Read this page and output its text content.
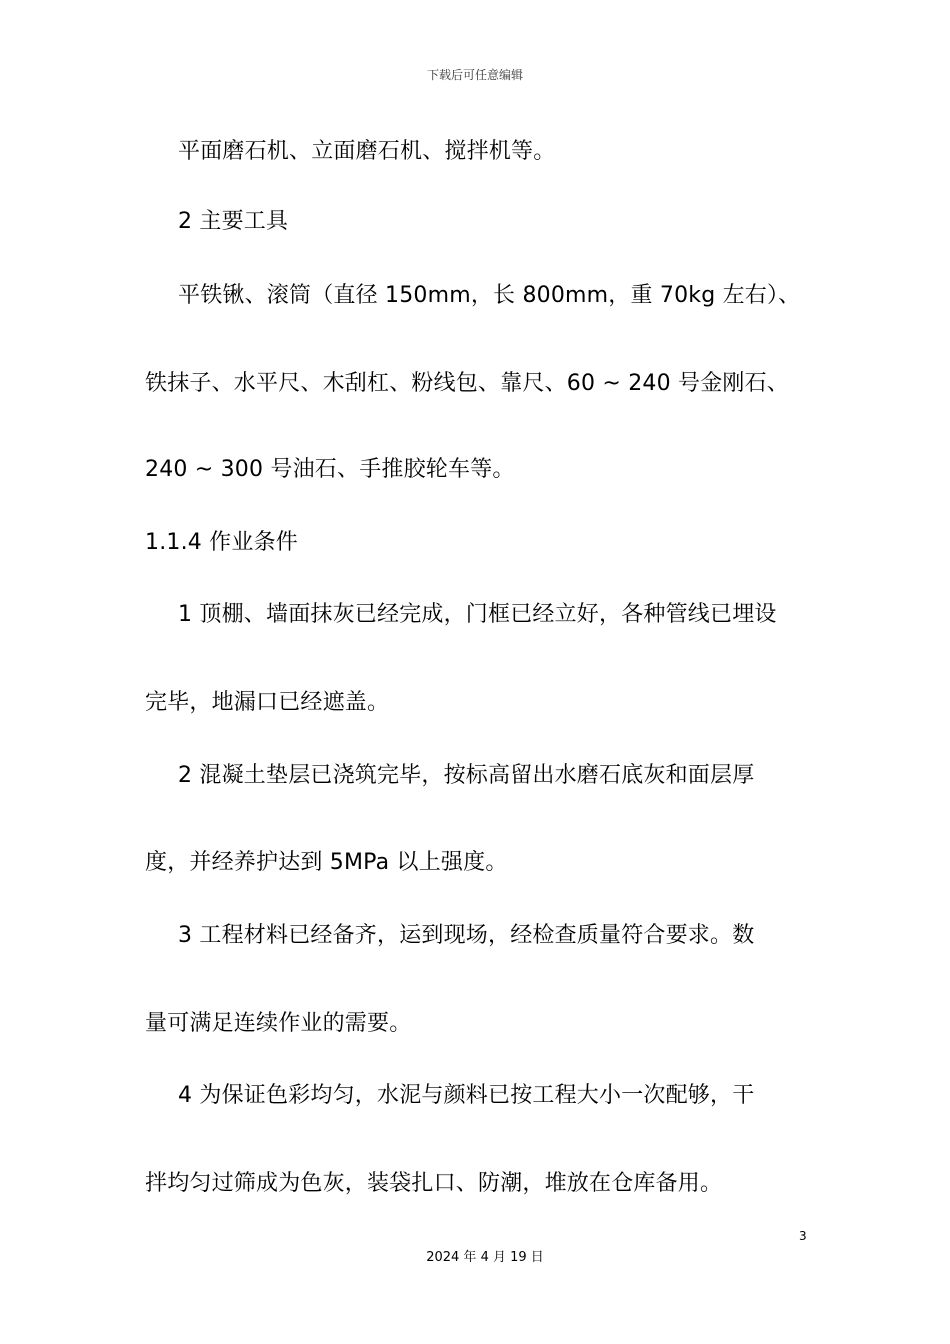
下载后可任意编辑
平面磨石机、立面磨石机、搅拌机等。
2 主要工具
平铁锹、滚筒（直径 150mm，长 800mm，重 70kg 左右）、
铁抹子、水平尺、木刮杠、粉线包、靠尺、60 ~ 240 号金刚石、
240 ~ 300 号油石、手推胶轮车等。
1.1.4 作业条件
1 顶棚、墙面抹灰已经完成，门框已经立好，各种管线已埋设
完毕，地漏口已经遮盖。
2 混凝土垫层已浇筑完毕，按标高留出水磨石底灰和面层厚
度，并经养护达到 5MPa 以上强度。
3 工程材料已经备齐，运到现场，经检查质量符合要求。数
量可满足连续作业的需要。
4 为保证色彩均匀，水泥与颜料已按工程大小一次配够，干
拌均匀过筛成为色灰，装袋扎口、防潮，堆放在仓库备用。
3
2024 年 4 月 19 日
